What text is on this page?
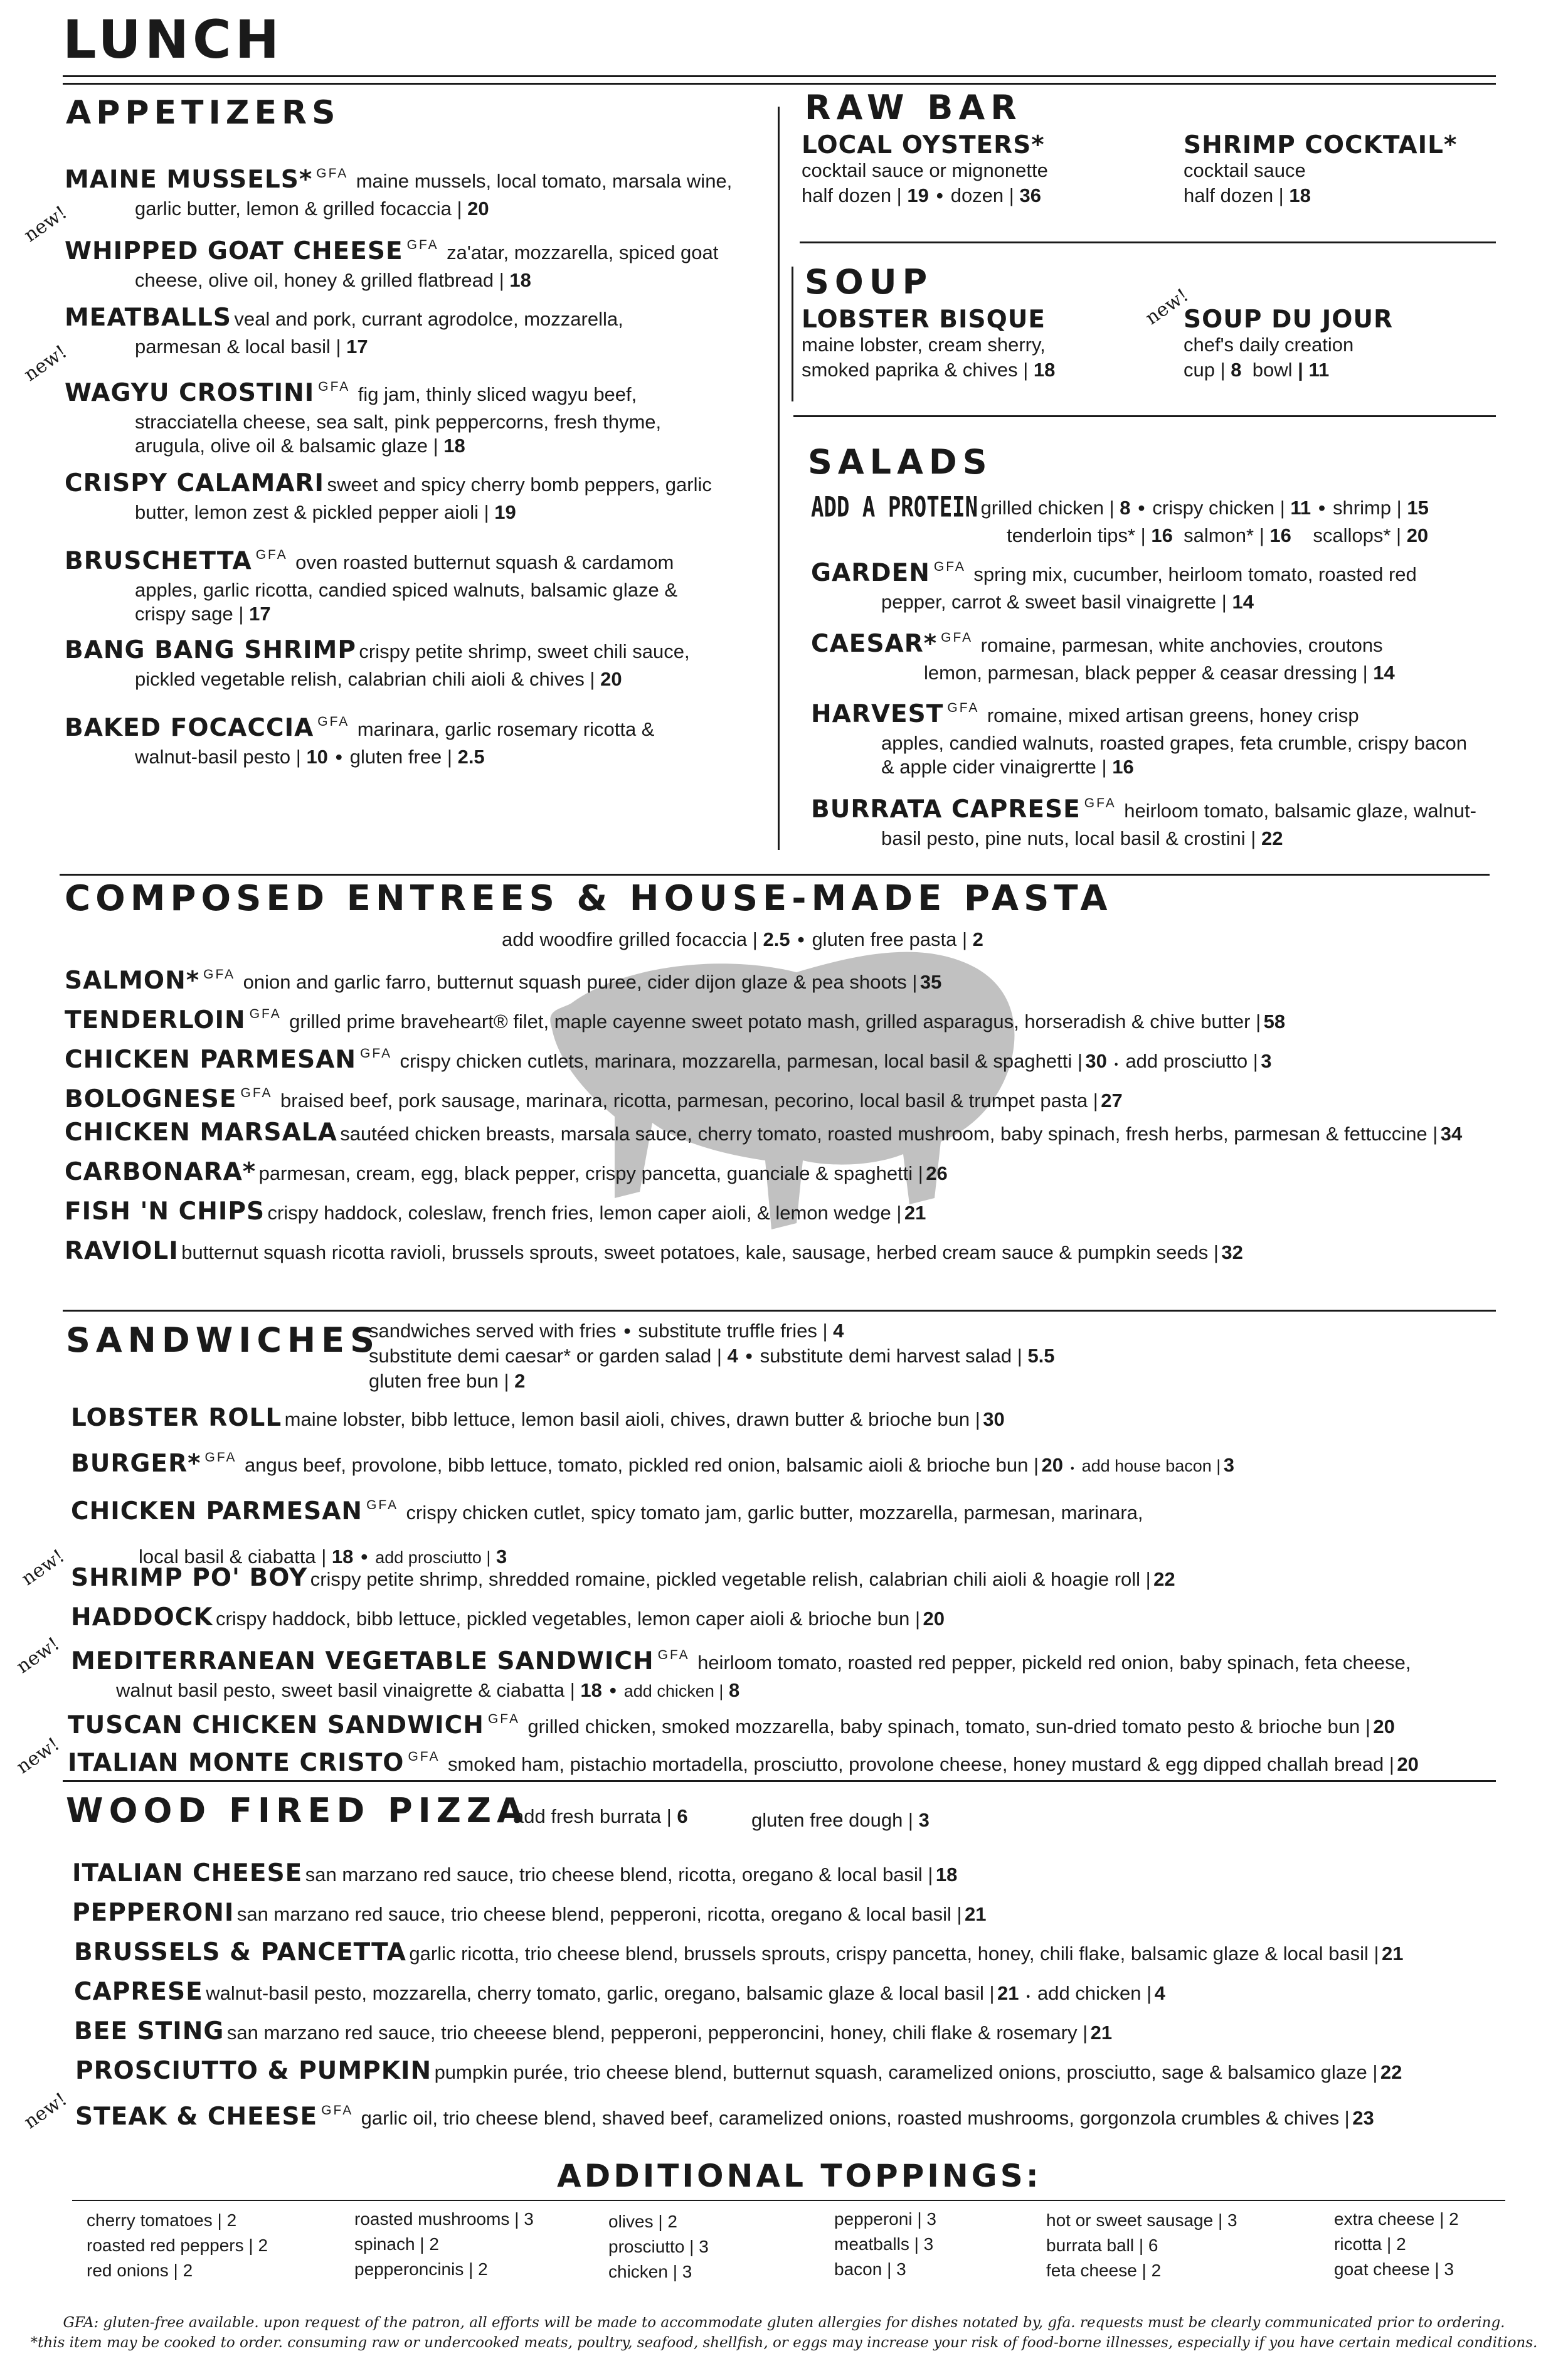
LUNCH
APPETIZERS
MAINE MUSSELS* GFA maine mussels, local tomato, marsala wine,
garlic butter, lemon & grilled focaccia | 20
new!
WHIPPED GOAT CHEESE GFA za'atar, mozzarella, spiced goat
cheese, olive oil, honey & grilled flatbread | 18
MEATBALLS veal and pork, currant agrodolce, mozzarella,
parmesan & local basil | 17
new!
WAGYU CROSTINI GFA fig jam, thinly sliced wagyu beef,
stracciatella cheese, sea salt, pink peppercorns, fresh thyme,
arugula, olive oil & balsamic glaze | 18
CRISPY CALAMARI sweet and spicy cherry bomb peppers, garlic
butter, lemon zest & pickled pepper aioli | 19
BRUSCHETTA GFA oven roasted butternut squash & cardamom
apples, garlic ricotta, candied spiced walnuts, balsamic glaze &
crispy sage | 17
BANG BANG SHRIMP crispy petite shrimp, sweet chili sauce,
pickled vegetable relish, calabrian chili aioli & chives | 20
BAKED FOCACCIA GFA marinara, garlic rosemary ricotta &
walnut-basil pesto | 10 • gluten free | 2.5
RAW BAR
LOCAL OYSTERS*
cocktail sauce or mignonette
half dozen | 19 • dozen | 36
SHRIMP COCKTAIL*
cocktail sauce
half dozen | 18
SOUP
LOBSTER BISQUE
maine lobster, cream sherry,
smoked paprika & chives | 18
new!
SOUP DU JOUR
chef's daily creation
cup | 8 bowl | 11
SALADS
ADD A PROTEIN grilled chicken | 8 • crispy chicken | 11 • shrimp | 15
tenderloin tips* | 16 salmon* | 16 scallops* | 20
GARDEN GFA spring mix, cucumber, heirloom tomato, roasted red
pepper, carrot & sweet basil vinaigrette | 14
CAESAR* GFA romaine, parmesan, white anchovies, croutons
lemon, parmesan, black pepper & ceasar dressing | 14
HARVEST GFA romaine, mixed artisan greens, honey crisp
apples, candied walnuts, roasted grapes, feta crumble, crispy bacon
& apple cider vinaigrertte | 16
BURRATA CAPRESE GFA heirloom tomato, balsamic glaze, walnut-
basil pesto, pine nuts, local basil & crostini | 22
COMPOSED ENTREES & HOUSE-MADE PASTA
add woodfire grilled focaccia | 2.5 • gluten free pasta | 2
SALMON* GFA onion and garlic farro, butternut squash puree, cider dijon glaze & pea shoots | 35
TENDERLOIN GFA grilled prime braveheart® filet, maple cayenne sweet potato mash, grilled asparagus, horseradish & chive butter | 58
CHICKEN PARMESAN GFA crispy chicken cutlets, marinara, mozzarella, parmesan, local basil & spaghetti | 30 • add prosciutto | 3
BOLOGNESE GFA braised beef, pork sausage, marinara, ricotta, parmesan, pecorino, local basil & trumpet pasta | 27
CHICKEN MARSALA sautéed chicken breasts, marsala sauce, cherry tomato, roasted mushroom, baby spinach, fresh herbs, parmesan & fettuccine | 34
CARBONARA* parmesan, cream, egg, black pepper, crispy pancetta, guanciale & spaghetti | 26
FISH 'N CHIPS crispy haddock, coleslaw, french fries, lemon caper aioli, & lemon wedge | 21
RAVIOLI butternut squash ricotta ravioli, brussels sprouts, sweet potatoes, kale, sausage, herbed cream sauce & pumpkin seeds | 32
SANDWICHES
sandwiches served with fries • substitute truffle fries | 4
substitute demi caesar* or garden salad | 4 • substitute demi harvest salad | 5.5
gluten free bun | 2
LOBSTER ROLL maine lobster, bibb lettuce, lemon basil aioli, chives, drawn butter & brioche bun | 30
BURGER* GFA angus beef, provolone, bibb lettuce, tomato, pickled red onion, balsamic aioli & brioche bun | 20 • add house bacon | 3
CHICKEN PARMESAN GFA crispy chicken cutlet, spicy tomato jam, garlic butter, mozzarella, parmesan, marinara,
local basil & ciabatta | 18 • add prosciutto | 3
new! SHRIMP PO' BOY crispy petite shrimp, shredded romaine, pickled vegetable relish, calabrian chili aioli & hoagie roll | 22
HADDOCK crispy haddock, bibb lettuce, pickled vegetables, lemon caper aioli & brioche bun | 20
new! MEDITERRANEAN VEGETABLE SANDWICH GFA heirloom tomato, roasted red pepper, pickeld red onion, baby spinach, feta cheese,
walnut basil pesto, sweet basil vinaigrette & ciabatta | 18 • add chicken | 8
TUSCAN CHICKEN SANDWICH GFA grilled chicken, smoked mozzarella, baby spinach, tomato, sun-dried tomato pesto & brioche bun | 20
new! ITALIAN MONTE CRISTO GFA smoked ham, pistachio mortadella, prosciutto, provolone cheese, honey mustard & egg dipped challah bread | 20
WOOD FIRED PIZZA
add fresh burrata | 6	gluten free dough | 3
ITALIAN CHEESE san marzano red sauce, trio cheese blend, ricotta, oregano & local basil | 18
PEPPERONI san marzano red sauce, trio cheese blend, pepperoni, ricotta, oregano & local basil | 21
BRUSSELS & PANCETTA garlic ricotta, trio cheese blend, brussels sprouts, crispy pancetta, honey, chili flake, balsamic glaze & local basil | 21
CAPRESE walnut-basil pesto, mozzarella, cherry tomato, garlic, oregano, balsamic glaze & local basil | 21 • add chicken | 4
BEE STING san marzano red sauce, trio cheeese blend, pepperoni, pepperoncini, honey, chili flake & rosemary | 21
PROSCIUTTO & PUMPKIN pumpkin purée, trio cheese blend, butternut squash, caramelized onions, prosciutto, sage & balsamico glaze | 22
new! STEAK & CHEESE GFA garlic oil, trio cheese blend, shaved beef, caramelized onions, roasted mushrooms, gorgonzola crumbles & chives | 23
ADDITIONAL TOPPINGS:
cherry tomatoes | 2
roasted red peppers | 2
red onions | 2
roasted mushrooms | 3
spinach | 2
pepperoncinis | 2
olives | 2
prosciutto | 3
chicken | 3
pepperoni | 3
meatballs | 3
bacon | 3
hot or sweet sausage | 3
burrata ball | 6
feta cheese | 2
extra cheese | 2
ricotta | 2
goat cheese | 3
GFA: gluten-free available. upon request of the patron, all efforts will be made to accommodate gluten allergies for dishes notated by, gfa. requests must be clearly communicated prior to ordering.
*this item may be cooked to order. consuming raw or undercooked meats, poultry, seafood, shellfish, or eggs may increase your risk of food-borne illnesses, especially if you have certain medical conditions.
